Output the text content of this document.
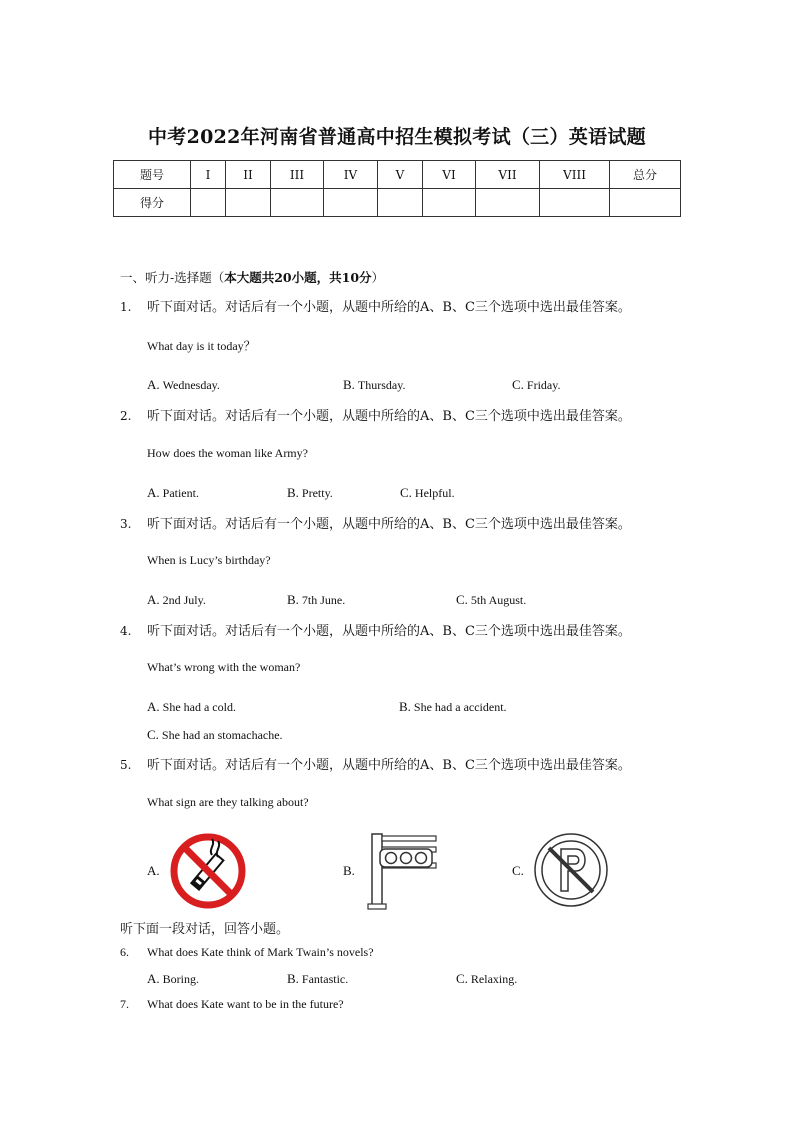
中考2022年河南省普通高中招生模拟考试（三）英语试题
题号	I	II	III	IV	V	VI	VII	VIII	总分
得分									
一、听力-选择题（本大题共20小题，共10分）
1. 听下面对话。对话后有一个小题，从题中所给的A、B、C三个选项中选出最佳答案。
What day is it today？
A. Wednesday.	B. Thursday.	C. Friday.
2. 听下面对话。对话后有一个小题，从题中所给的A、B、C三个选项中选出最佳答案。
How does the woman like Army?
A. Patient.	B. Pretty.	C. Helpful.
3. 听下面对话。对话后有一个小题，从题中所给的A、B、C三个选项中选出最佳答案。
When is Lucy’s birthday?
A. 2nd July.	B. 7th June.	C. 5th August.
4. 听下面对话。对话后有一个小题，从题中所给的A、B、C三个选项中选出最佳答案。
What’s wrong with the woman?
A. She had a cold.	B. She had a accident.
C. She had an stomachache.
5. 听下面对话。对话后有一个小题，从题中所给的A、B、C三个选项中选出最佳答案。
What sign are they talking about?
A.	B.	C.
听下面一段对话，回答小题。
6. What does Kate think of Mark Twain’s novels?
A. Boring.	B. Fantastic.	C. Relaxing.
7. What does Kate want to be in the future?
